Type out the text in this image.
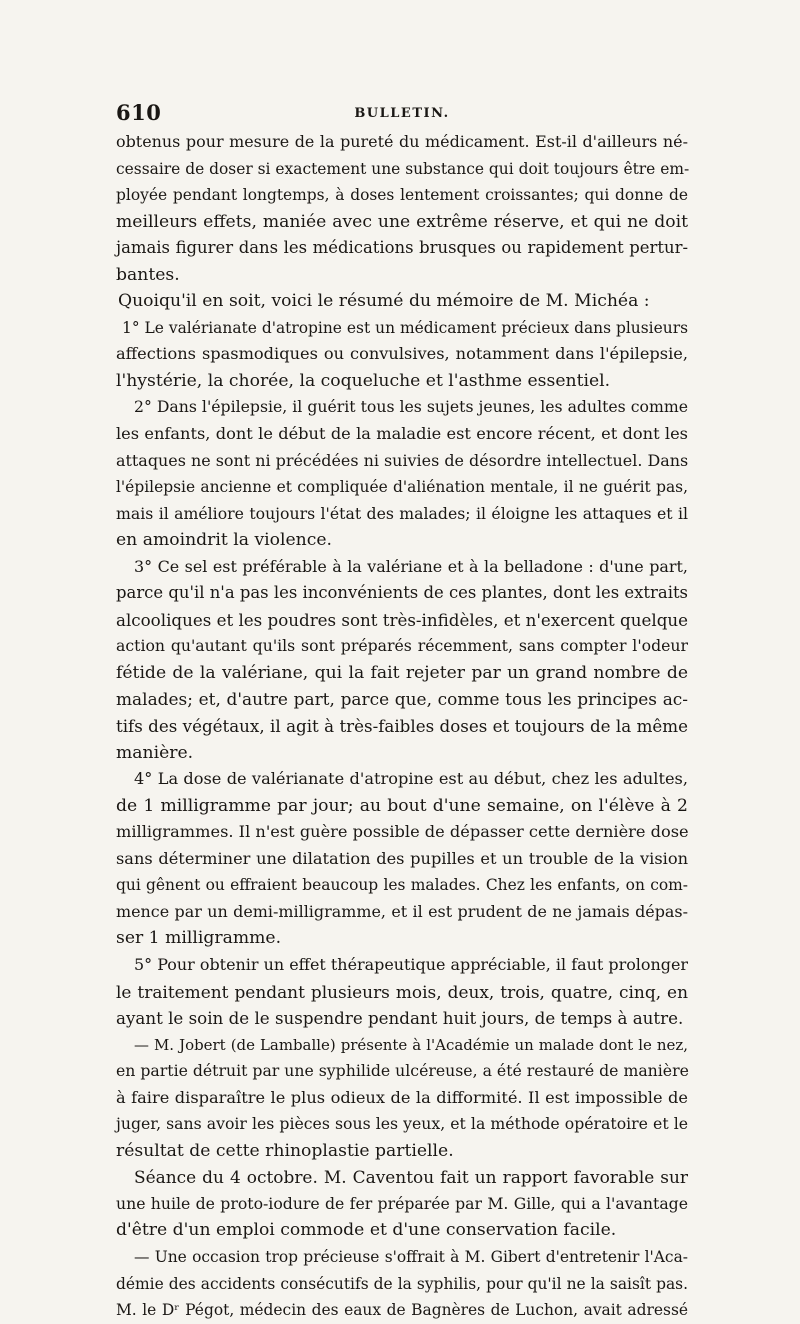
610	BULLETIN.
obtenus pour mesure de la pureté du médicament. Est-il d'ailleurs né-
cessaire de doser si exactement une substance qui doit toujours être em-
ployée pendant longtemps, à doses lentement croissantes; qui donne de
meilleurs effets, maniée avec une extrême réserve, et qui ne doit
jamais figurer dans les médications brusques ou rapidement pertur-
bantes.
Quoiqu'il en soit, voici le résumé du mémoire de M. Michéa :
1° Le valérianate d'atropine est un médicament précieux dans plusieurs
affections spasmodiques ou convulsives, notamment dans l'épilepsie,
l'hystérie, la chorée, la coqueluche et l'asthme essentiel.
2° Dans l'épilepsie, il guérit tous les sujets jeunes, les adultes comme
les enfants, dont le début de la maladie est encore récent, et dont les
attaques ne sont ni précédées ni suivies de désordre intellectuel. Dans
l'épilepsie ancienne et compliquée d'aliénation mentale, il ne guérit pas,
mais il améliore toujours l'état des malades; il éloigne les attaques et il
en amoindrit la violence.
3° Ce sel est préférable à la valériane et à la belladone : d'une part,
parce qu'il n'a pas les inconvénients de ces plantes, dont les extraits
alcooliques et les poudres sont très-infidèles, et n'exercent quelque
action qu'autant qu'ils sont préparés récemment, sans compter l'odeur
fétide de la valériane, qui la fait rejeter par un grand nombre de
malades; et, d'autre part, parce que, comme tous les principes ac-
tifs des végétaux, il agit à très-faibles doses et toujours de la même
manière.
4° La dose de valérianate d'atropine est au début, chez les adultes,
de 1 milligramme par jour; au bout d'une semaine, on l'élève à 2
milligrammes. Il n'est guère possible de dépasser cette dernière dose
sans déterminer une dilatation des pupilles et un trouble de la vision
qui gênent ou effraient beaucoup les malades. Chez les enfants, on com-
mence par un demi-milligramme, et il est prudent de ne jamais dépas-
ser 1 milligramme.
5° Pour obtenir un effet thérapeutique appréciable, il faut prolonger
le traitement pendant plusieurs mois, deux, trois, quatre, cinq, en
ayant le soin de le suspendre pendant huit jours, de temps à autre.
— M. Jobert (de Lamballe) présente à l'Académie un malade dont le nez,
en partie détruit par une syphilide ulcéreuse, a été restauré de manière
à faire disparaître le plus odieux de la difformité. Il est impossible de
juger, sans avoir les pièces sous les yeux, et la méthode opératoire et le
résultat de cette rhinoplastie partielle.
Séance du 4 octobre. M. Caventou fait un rapport favorable sur
une huile de proto-iodure de fer préparée par M. Gille, qui a l'avantage
d'être d'un emploi commode et d'une conservation facile.
— Une occasion trop précieuse s'offrait à M. Gibert d'entretenir l'Aca-
démie des accidents consécutifs de la syphilis, pour qu'il ne la saisît pas.
M. le Dʳ Pégot, médecin des eaux de Bagnères de Luchon, avait adressé
